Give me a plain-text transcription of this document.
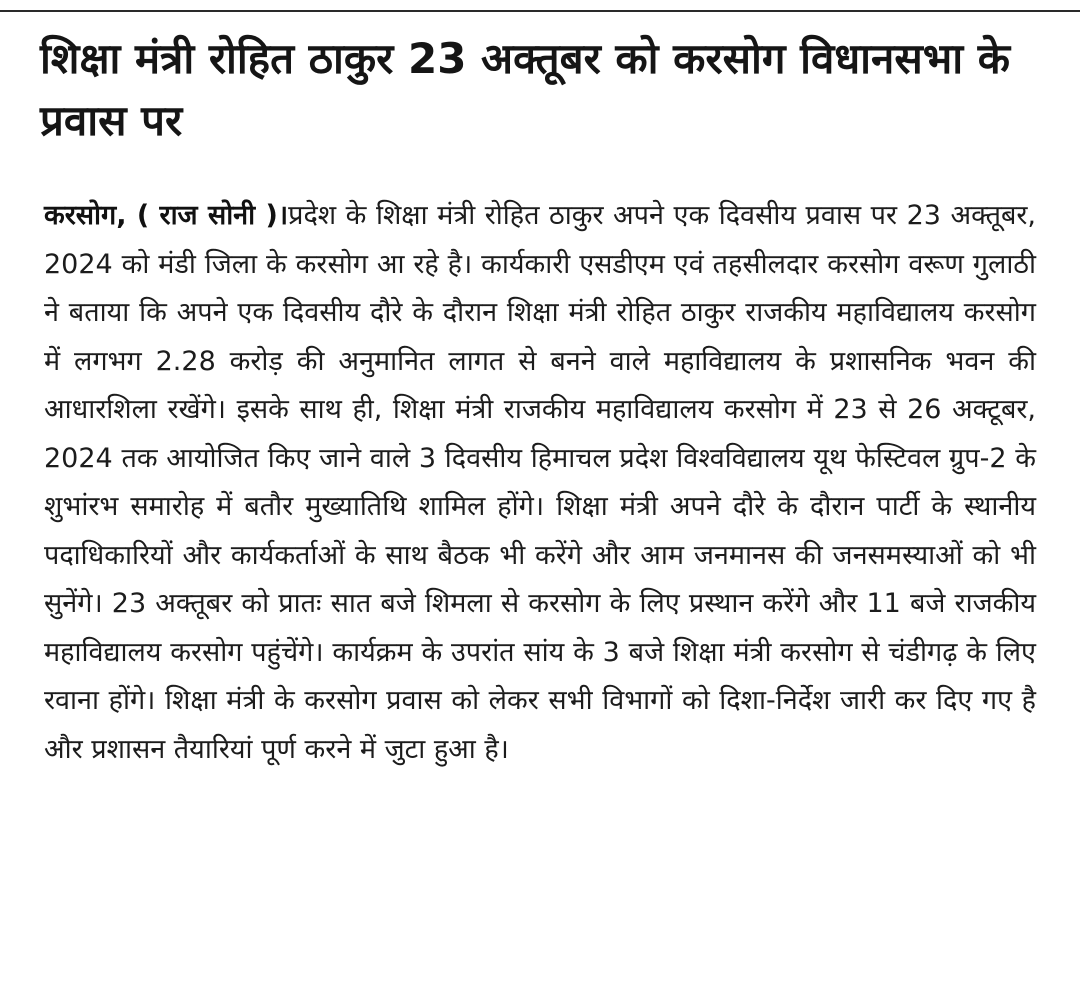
शिक्षा मंत्री रोहित ठाकुर 23 अक्तूबर को करसोग विधानसभा के प्रवास पर

करसोग, ( राज सोनी )।प्रदेश के शिक्षा मंत्री रोहित ठाकुर अपने एक दिवसीय प्रवास पर 23 अक्तूबर, 2024 को मंडी जिला के करसोग आ रहे है। कार्यकारी एसडीएम एवं तहसीलदार करसोग वरूण गुलाठी ने बताया कि अपने एक दिवसीय दौरे के दौरान शिक्षा मंत्री रोहित ठाकुर राजकीय महाविद्यालय करसोग में लगभग 2.28 करोड़ की अनुमानित लागत से बनने वाले महाविद्यालय के प्रशासनिक भवन की आधारशिला रखेंगे। इसके साथ ही, शिक्षा मंत्री राजकीय महाविद्यालय करसोग में 23 से 26 अक्टूबर, 2024 तक आयोजित किए जाने वाले 3 दिवसीय हिमाचल प्रदेश विश्वविद्यालय यूथ फेस्टिवल ग्रुप-2 के शुभांरभ समारोह में बतौर मुख्यातिथि शामिल होंगे। शिक्षा मंत्री अपने दौरे के दौरान पार्टी के स्थानीय पदाधिकारियों और कार्यकर्ताओं के साथ बैठक भी करेंगे और आम जनमानस की जनसमस्याओं को भी सुनेंगे। 23 अक्तूबर को प्रातः सात बजे शिमला से करसोग के लिए प्रस्थान करेंगे और 11 बजे राजकीय महाविद्यालय करसोग पहुंचेंगे। कार्यक्रम के उपरांत सांय के 3 बजे शिक्षा मंत्री करसोग से चंडीगढ़ के लिए रवाना होंगे। शिक्षा मंत्री के करसोग प्रवास को लेकर सभी विभागों को दिशा-निर्देश जारी कर दिए गए है और प्रशासन तैयारियां पूर्ण करने में जुटा हुआ है।
